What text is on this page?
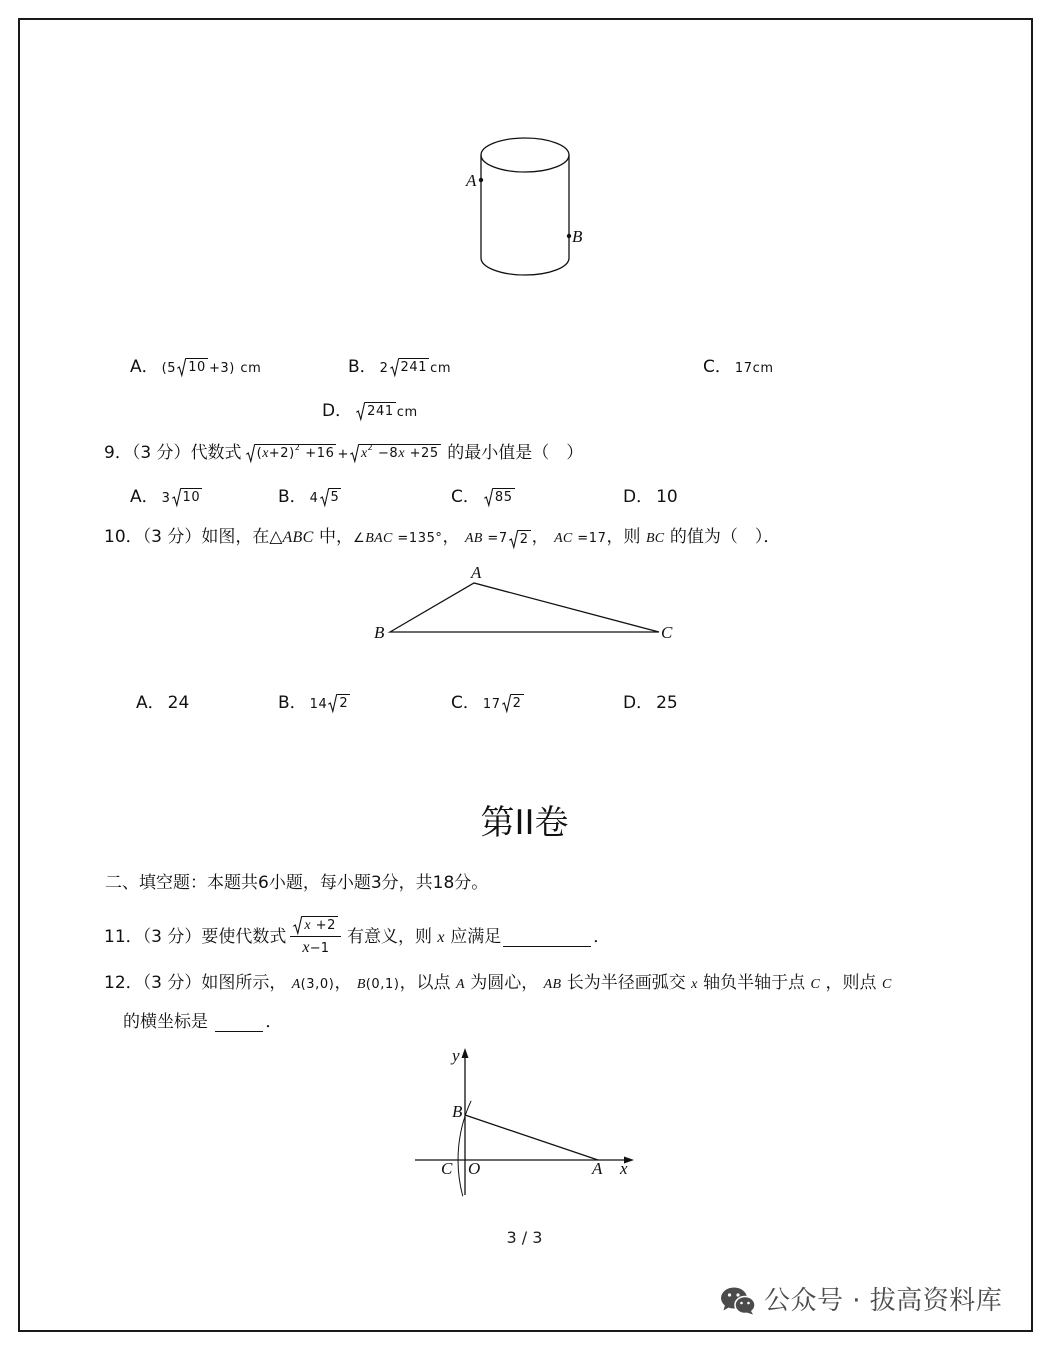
A
B
A． (5 10 +3) cm	B． 2 241 cm	C． 17cm
D． 241 cm
9．（3 分）代数式 $(x+2)^2 +16 + x^2 -8x +25$ 的最小值是（　）
A． 3 10	B． 4 5	C． 85	D． 10
10．（3 分）如图，在△ABC 中，∠BAC =135°， AB =7 2 ， AC =17，则 BC 的值为（　）．
A
B	C
A． 24	B． 14 2	C． 17 2	D． 25
第II卷
二、填空题：本题共6小题，每小题3分，共18分。
11．（3 分）要使代数式 $\frac{x +2}{x-1}$ 有意义，则 x 应满足	．
12．（3 分）如图所示， A(3,0)， B(0,1)，以点 A 为圆心， AB 长为半径画弧交 x 轴负半轴于点 C ，则点 C
的横坐标是	．
y
B
C O	A x
3 / 3
公众号 · 拔高资料库
